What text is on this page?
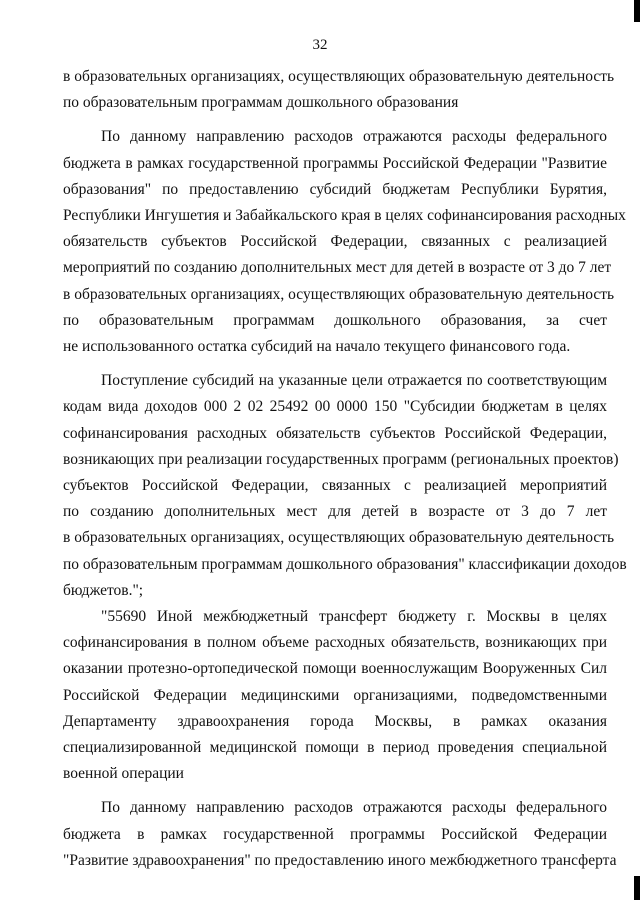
32

в образовательных организациях, осуществляющих образовательную деятельность
по образовательным программам дошкольного образования

По данному направлению расходов отражаются расходы федерального
бюджета в рамках государственной программы Российской Федерации "Развитие
образования" по предоставлению субсидий бюджетам Республики Бурятия,
Республики Ингушетия и Забайкальского края в целях софинансирования расходных
обязательств субъектов Российской Федерации, связанных с реализацией
мероприятий по созданию дополнительных мест для детей в возрасте от 3 до 7 лет
в образовательных организациях, осуществляющих образовательную деятельность
по образовательным программам дошкольного образования, за счет
не использованного остатка субсидий на начало текущего финансового года.

Поступление субсидий на указанные цели отражается по соответствующим
кодам вида доходов 000 2 02 25492 00 0000 150 "Субсидии бюджетам в целях
софинансирования расходных обязательств субъектов Российской Федерации,
возникающих при реализации государственных программ (региональных проектов)
субъектов Российской Федерации, связанных с реализацией мероприятий
по созданию дополнительных мест для детей в возрасте от 3 до 7 лет
в образовательных организациях, осуществляющих образовательную деятельность
по образовательным программам дошкольного образования" классификации доходов
бюджетов.";

"55690 Иной межбюджетный трансферт бюджету г. Москвы в целях
софинансирования в полном объеме расходных обязательств, возникающих при
оказании протезно-ортопедической помощи военнослужащим Вооруженных Сил
Российской Федерации медицинскими организациями, подведомственными
Департаменту здравоохранения города Москвы, в рамках оказания
специализированной медицинской помощи в период проведения специальной
военной операции

По данному направлению расходов отражаются расходы федерального
бюджета в рамках государственной программы Российской Федерации
"Развитие здравоохранения" по предоставлению иного межбюджетного трансферта
